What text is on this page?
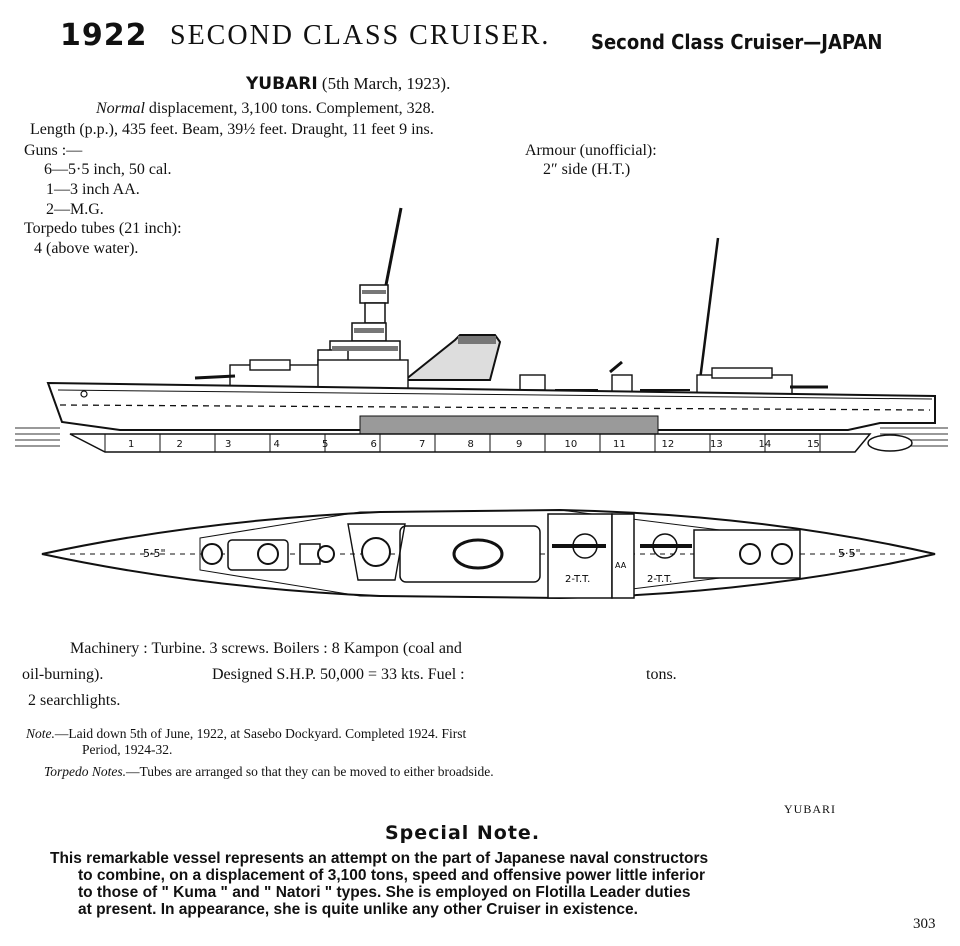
1922 SECOND CLASS CRUISER. Second Class Cruiser—JAPAN
YUBARI (5th March, 1923).
Normal displacement, 3,100 tons. Complement, 328.
Length (p.p.), 435 feet. Beam, 39½ feet. Draught, 11 feet 9 ins.
Guns :—
6—5·5 inch, 50 cal.
1—3 inch AA.
2—M.G.
Torpedo tubes (21 inch):
4 (above water).
Armour (unofficial):
2″ side (H.T.)
1	2	3	4	5	6	7	8	9	10	11	12	13	14	15
5·5"	5·5"
2-T.T.	2-T.T.
AA
Machinery : Turbine. 3 screws. Boilers : 8 Kampon (coal and
oil-burning).	Designed S.H.P. 50,000 = 33 kts. Fuel :	tons.
2 searchlights.
Note.—Laid down 5th of June, 1922, at Sasebo Dockyard. Completed 1924. First
Period, 1924-32.
Torpedo Notes.—Tubes are arranged so that they can be moved to either broadside.
YUBARI
Special Note.
This remarkable vessel represents an attempt on the part of Japanese naval constructors
to combine, on a displacement of 3,100 tons, speed and offensive power little inferior
to those of " Kuma " and " Natori " types. She is employed on Flotilla Leader duties
at present. In appearance, she is quite unlike any other Cruiser in existence.
303
